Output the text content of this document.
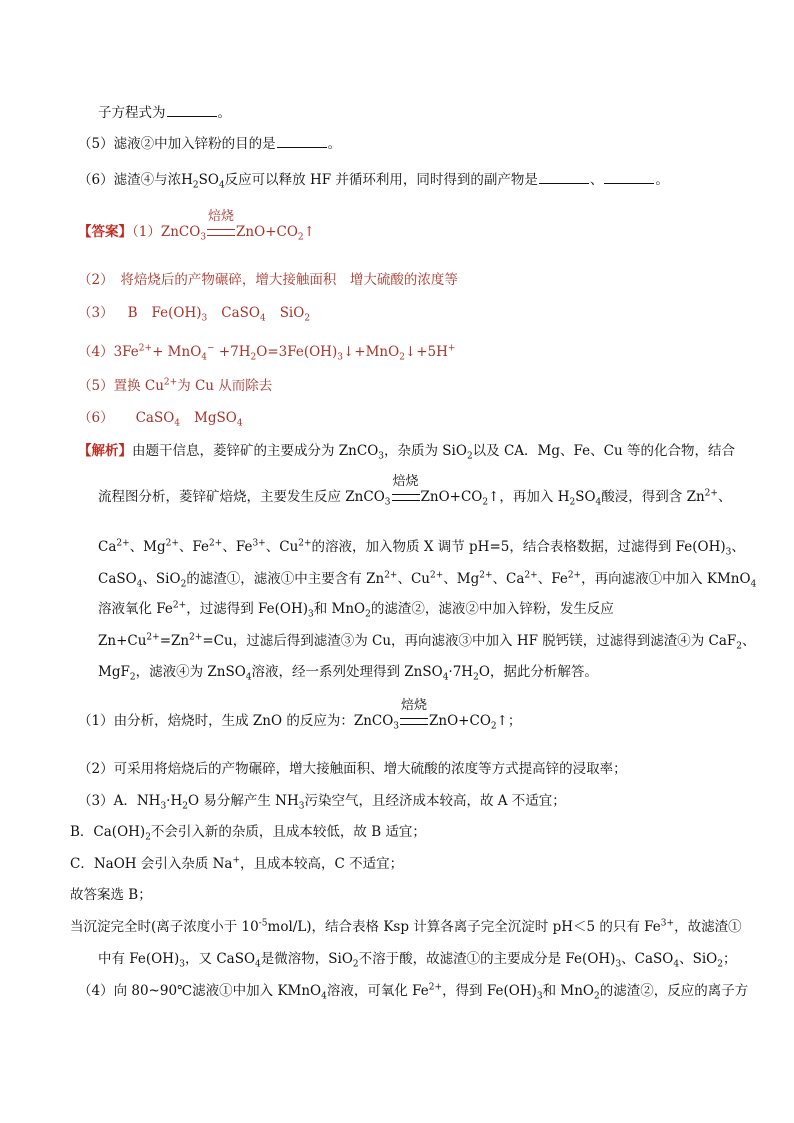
子方程式为	。
（5）滤液②中加入锌粉的目的是	。
（6）滤渣④与浓$H_2SO_4$反应可以释放 HF 并循环利用，同时得到的副产物是	、	。
【答案】（1）ZnCO$_3$
焙烧
$ZnO+CO_2↑$
（2）　将焙烧后的产物碾碎，增大接触面积　增大硫酸的浓度等
（3） B $Fe(OH)_3$ CaSO$_4$ SiO$_2$
$(4)3Fe^{2+}+ MnO_4^-$ $+7H_2O=3Fe(OH)_3↓+MnO_2↓+5H^+$
（5）置换 $Cu^{2+}$为 Cu 从而除去
（6） CaSO$_4$ MgSO$_4$
【解析】由题干信息，菱锌矿的主要成分为 ZnCO$_3$，杂质为 SiO$_2$以及 CA．Mg、Fe、Cu 等的化合物，结合
流程图分析，菱锌矿焙烧，主要发生反应 ZnCO$_3$
焙烧
$ZnO+CO_2↑$，再加入 $H_2SO_4$酸浸，得到含 $Zn^{2+}$、
$Ca^{2+}$、$Mg^{2+}$、$Fe^{2+}$、$Fe^{3+}$、$Cu^{2+}$的溶液，加入物质 X 调节 pH=5，结合表格数据，过滤得到 $Fe(OH)_3$、
CaSO$_4$、SiO$_2$的滤渣①，滤液①中主要含有 $Zn^{2+}$、$Cu^{2+}$、$Mg^{2+}$、$Ca^{2+}$、$Fe^{2+}$，再向滤液①中加入 KMnO$_4$
溶液氧化 $Fe^{2+}$，过滤得到 $Fe(OH)_3$和 MnO$_2$的滤渣②，滤液②中加入锌粉，发生反应
$Zn+Cu^{2+}=Zn^{2+}=Cu$，过滤后得到滤渣③为 Cu，再向滤液③中加入 HF 脱钙镁，过滤得到滤渣④为 CaF$_2$、
MgF$_2$，滤液④为 ZnSO$_4$溶液，经一系列处理得到 $ZnSO_4\cdot 7H_2O$，据此分析解答。
（1）由分析，焙烧时，生成 ZnO 的反应为：ZnCO$_3$
焙烧
$ZnO+CO_2↑$；
（2）可采用将焙烧后的产物碾碎，增大接触面积、增大硫酸的浓度等方式提高锌的浸取率；
（3）A．$NH_3\cdot H_2O$ 易分解产生 $NH_3$污染空气，且经济成本较高，故 A 不适宜；
B．$Ca(OH)_2$不会引入新的杂质，且成本较低，故 B 适宜；
C．NaOH 会引入杂质 Na+，且成本较高，C 不适宜；
故答案选 B；
当沉淀完全时(离子浓度小于 $10^{-5}mol/L$)，结合表格 Ksp 计算各离子完全沉淀时 pH＜5 的只有 $Fe^{3+}$，故滤渣①
中有 $Fe(OH)_3$，又 CaSO$_4$是微溶物，SiO$_2$不溶于酸，故滤渣①的主要成分是 $Fe(OH)_3$、CaSO$_4$、SiO$_2$；
（4）向 80~90℃滤液①中加入 KMnO$_4$溶液，可氧化 $Fe^{2+}$，得到 $Fe(OH)_3$和 MnO$_2$的滤渣②，反应的离子方
